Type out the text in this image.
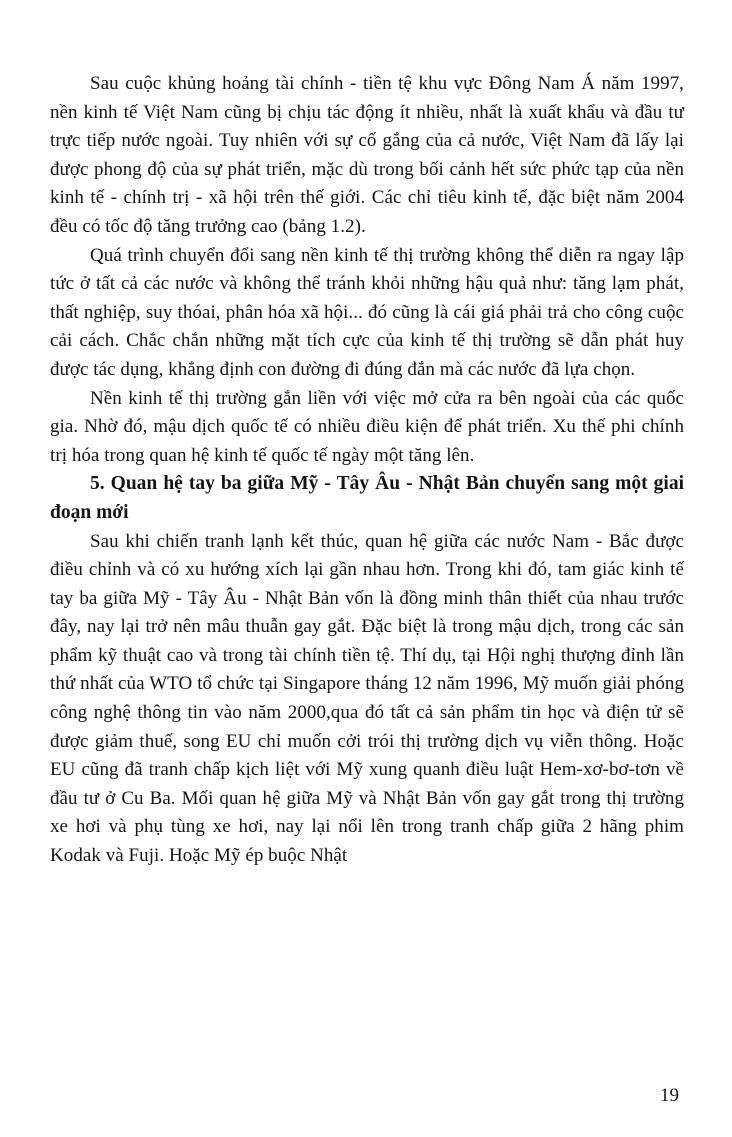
Sau cuộc khủng hoảng tài chính - tiền tệ khu vực Đông Nam Á năm 1997, nền kinh tế Việt Nam cũng bị chịu tác động ít nhiều, nhất là xuất khẩu và đầu tư trực tiếp nước ngoài. Tuy nhiên với sự cố gắng của cả nước, Việt Nam đã lấy lại được phong độ của sự phát triển, mặc dù trong bối cảnh hết sức phức tạp của nền kinh tế - chính trị - xã hội trên thế giới. Các chỉ tiêu kinh tế, đặc biệt năm 2004 đều có tốc độ tăng trưởng cao (bảng 1.2).

Quá trình chuyển đổi sang nền kinh tế thị trường không thể diễn ra ngay lập tức ở tất cả các nước và không thể tránh khỏi những hậu quả như: tăng lạm phát, thất nghiệp, suy thóai, phân hóa xã hội... đó cũng là cái giá phải trả cho công cuộc cải cách. Chắc chắn những mặt tích cực của kinh tế thị trường sẽ dẫn phát huy được tác dụng, khẳng định con đường đi đúng đắn mà các nước đã lựa chọn.

Nền kinh tế thị trường gắn liền với việc mở cửa ra bên ngoài của các quốc gia. Nhờ đó, mậu dịch quốc tế có nhiều điều kiện để phát triển. Xu thế phi chính trị hóa trong quan hệ kinh tế quốc tế ngày một tăng lên.

5. Quan hệ tay ba giữa Mỹ - Tây Âu - Nhật Bản chuyển sang một giai đoạn mới

Sau khi chiến tranh lạnh kết thúc, quan hệ giữa các nước Nam - Bắc được điều chỉnh và có xu hướng xích lại gần nhau hơn. Trong khi đó, tam giác kinh tế tay ba giữa Mỹ - Tây Âu - Nhật Bản vốn là đồng minh thân thiết của nhau trước đây, nay lại trở nên mâu thuẫn gay gắt. Đặc biệt là trong mậu dịch, trong các sản phẩm kỹ thuật cao và trong tài chính tiền tệ. Thí dụ, tại Hội nghị thượng đỉnh lần thứ nhất của WTO tổ chức tại Singapore tháng 12 năm 1996, Mỹ muốn giải phóng công nghệ thông tin vào năm 2000,qua đó tất cả sản phẩm tin học và điện tử sẽ được giảm thuế, song EU chỉ muốn cởi trói thị trường dịch vụ viễn thông. Hoặc EU cũng đã tranh chấp kịch liệt với Mỹ xung quanh điều luật Hem-xơ-bơ-tơn về đầu tư ở Cu Ba. Mối quan hệ giữa Mỹ và Nhật Bản vốn gay gắt trong thị trường xe hơi và phụ tùng xe hơi, nay lại nổi lên trong tranh chấp giữa 2 hãng phim Kodak và Fuji. Hoặc Mỹ ép buộc Nhật

19
